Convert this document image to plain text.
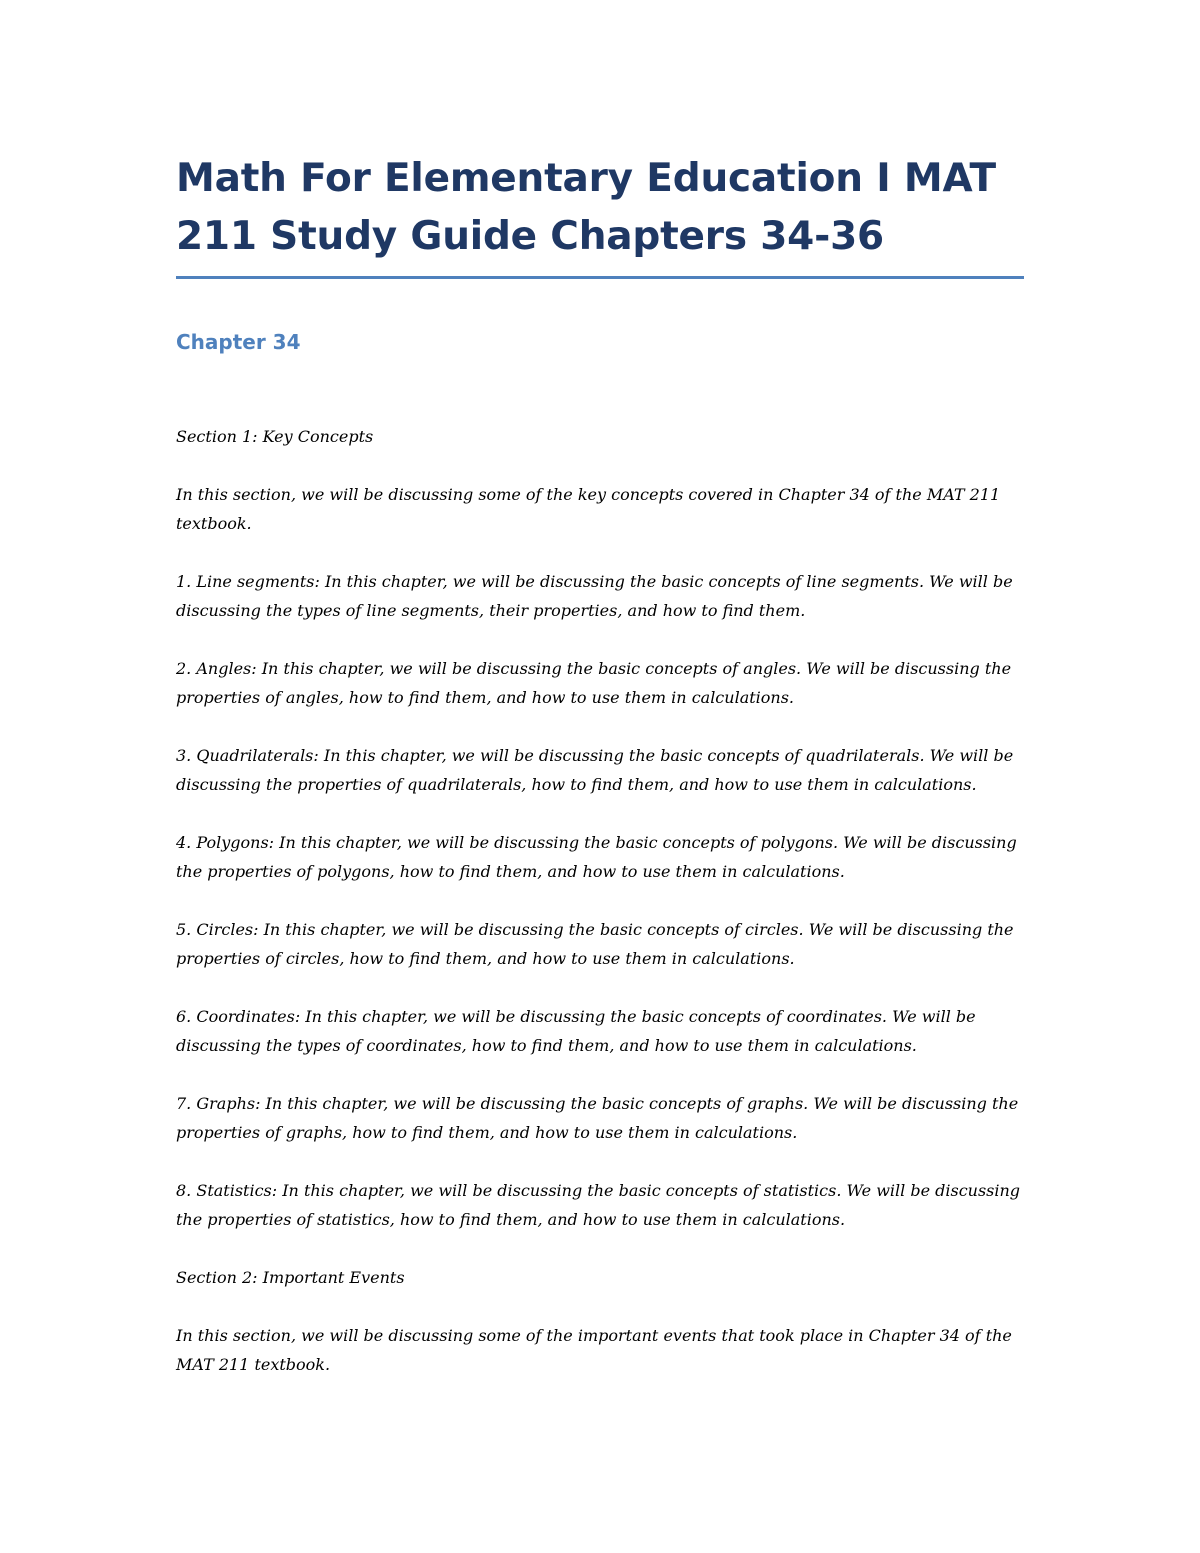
Math For Elementary Education I MAT 211 Study Guide Chapters 34-36
Chapter 34

Section 1: Key Concepts

In this section, we will be discussing some of the key concepts covered in Chapter 34 of the MAT 211 textbook.

1. Line segments: In this chapter, we will be discussing the basic concepts of line segments. We will be discussing the types of line segments, their properties, and how to find them.

2. Angles: In this chapter, we will be discussing the basic concepts of angles. We will be discussing the properties of angles, how to find them, and how to use them in calculations.

3. Quadrilaterals: In this chapter, we will be discussing the basic concepts of quadrilaterals. We will be discussing the properties of quadrilaterals, how to find them, and how to use them in calculations.

4. Polygons: In this chapter, we will be discussing the basic concepts of polygons. We will be discussing the properties of polygons, how to find them, and how to use them in calculations.

5. Circles: In this chapter, we will be discussing the basic concepts of circles. We will be discussing the properties of circles, how to find them, and how to use them in calculations.

6. Coordinates: In this chapter, we will be discussing the basic concepts of coordinates. We will be discussing the types of coordinates, how to find them, and how to use them in calculations.

7. Graphs: In this chapter, we will be discussing the basic concepts of graphs. We will be discussing the properties of graphs, how to find them, and how to use them in calculations.

8. Statistics: In this chapter, we will be discussing the basic concepts of statistics. We will be discussing the properties of statistics, how to find them, and how to use them in calculations.

Section 2: Important Events

In this section, we will be discussing some of the important events that took place in Chapter 34 of the MAT 211 textbook.
